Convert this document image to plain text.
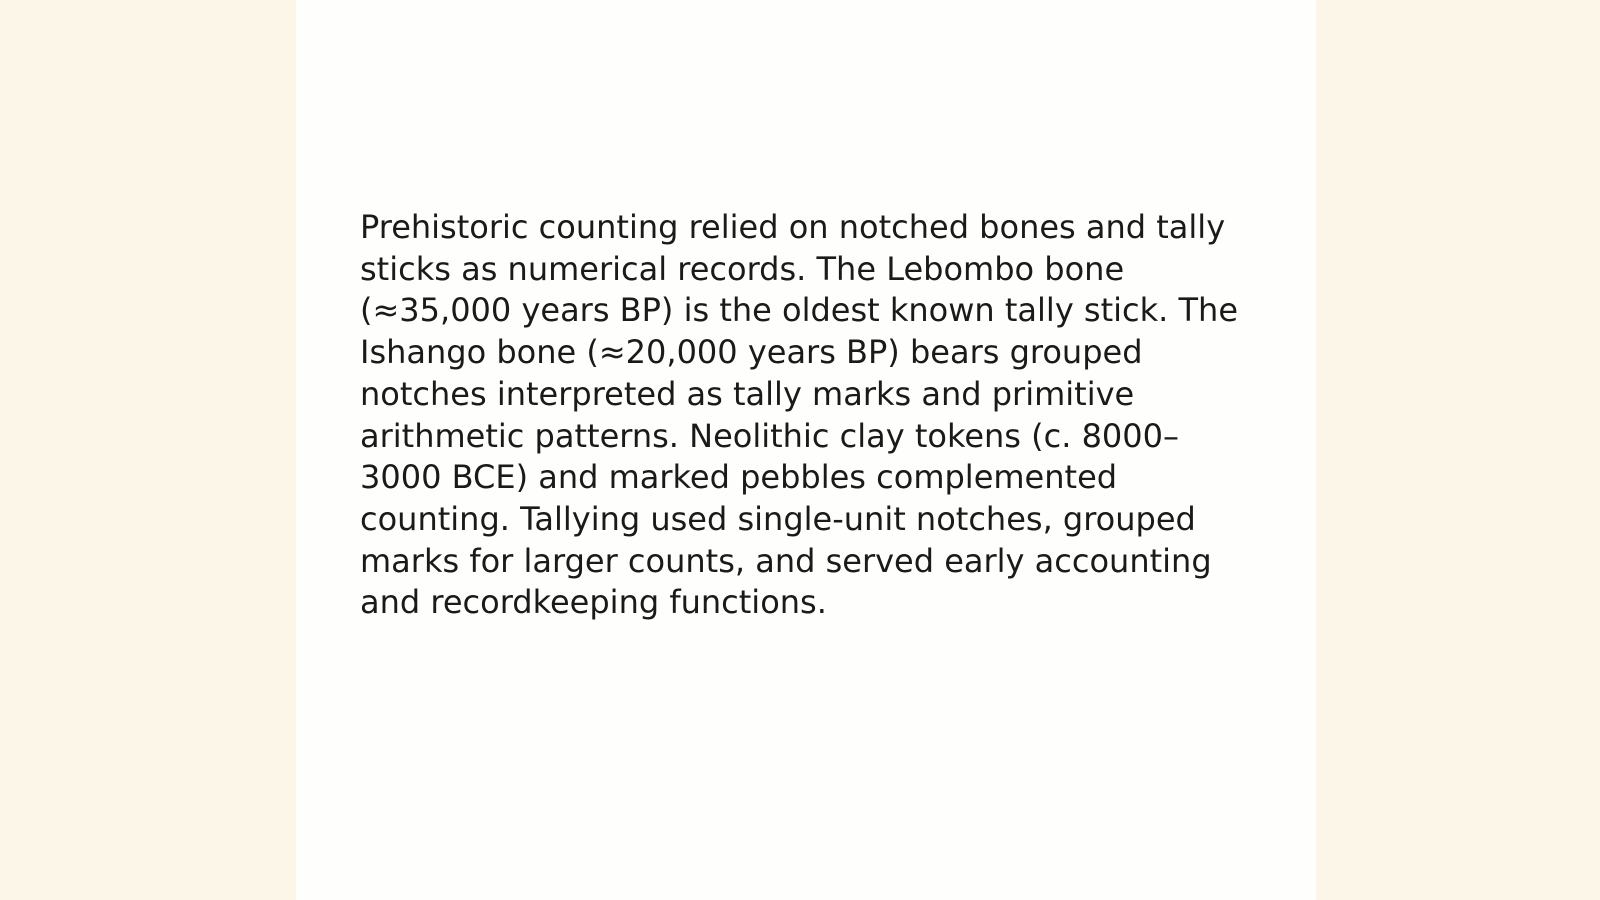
Prehistoric counting relied on notched bones and tally sticks as numerical records. The Lebombo bone (≈35,000 years BP) is the oldest known tally stick. The Ishango bone (≈20,000 years BP) bears grouped notches interpreted as tally marks and primitive arithmetic patterns. Neolithic clay tokens (c. 8000–3000 BCE) and marked pebbles complemented counting. Tallying used single-unit notches, grouped marks for larger counts, and served early accounting and recordkeeping functions.
